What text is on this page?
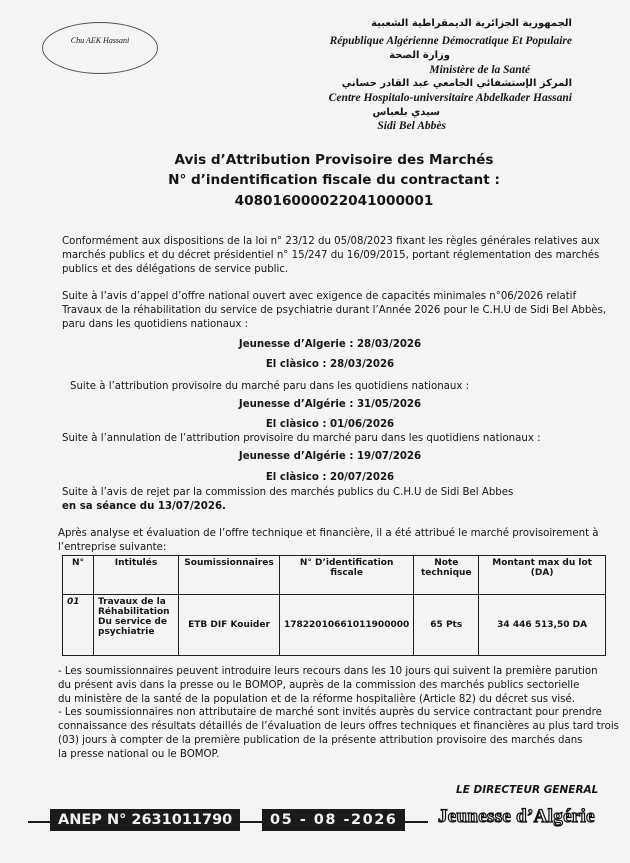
Chu AEK Hassani
الجمهورية الجزائرية الديمقراطية الشعبية
République Algérienne Démocratique Et Populaire
وزارة الصحة
Ministère de la Santé
المركز الإستشفائي الجامعي عبد القادر حساني
Centre Hospitalo-universitaire Abdelkader Hassani
سيدي بلعباس
Sidi Bel Abbès
Avis d’Attribution Provisoire des Marchés
N° d’indentification fiscale du contractant :
408016000022041000001
Conformément aux dispositions de la loi n° 23/12 du 05/08/2023 fixant les règles générales relatives aux
marchés publics et du décret présidentiel n° 15/247 du 16/09/2015, portant réglementation des marchés
publics et des délégations de service public.
Suite à l’avis d’appel d’offre national ouvert avec exigence de capacités minimales n°06/2026 relatif
Travaux de la réhabilitation du service de psychiatrie durant l’Année 2026 pour le C.H.U de Sidi Bel Abbès,
paru dans les quotidiens nationaux :
Jeunesse d’Algerie : 28/03/2026
El clàsico : 28/03/2026
Suite à l’attribution provisoire du marché paru dans les quotidiens nationaux :
Jeunesse d’Algérie : 31/05/2026
El clàsico : 01/06/2026
Suite à l’annulation de l’attribution provisoire du marché paru dans les quotidiens nationaux :
Jeunesse d’Algérie : 19/07/2026
El clàsico : 20/07/2026
Suite à l’avis de rejet par la commission des marchés publics du C.H.U de Sidi Bel Abbes
en sa séance du 13/07/2026.
Après analyse et évaluation de l’offre technique et financière, il a été attribué le marché provisoirement à
l’entreprise suivante:
N°	Intitulés	Soumissionnaires	N° D’identification fiscale	Note technique	Montant max du lot (DA)
01	Travaux de la Réhabilitation Du service de psychiatrie	ETB DIF Kouider	17822010661011900000	65 Pts	34 446 513,50 DA
- Les soumissionnaires peuvent introduire leurs recours dans les 10 jours qui suivent la première parution
du présent avis dans la presse ou le BOMOP, auprès de la commission des marchés publics sectorielle
du ministère de la santé de la population et de la réforme hospitalière (Article 82) du décret sus visé.
- Les soumissionnaires non attributaire de marché sont invités auprès du service contractant pour prendre
connaissance des résultats détaillés de l’évaluation de leurs offres techniques et financières au plus tard trois
(03) jours à compter de la première publication de la présente attribution provisoire des marchés dans
la presse national ou le BOMOP.
LE DIRECTEUR GENERAL
ANEP N° 2631011790	05 - 08 -2026	Jeunesse d’Algérie
